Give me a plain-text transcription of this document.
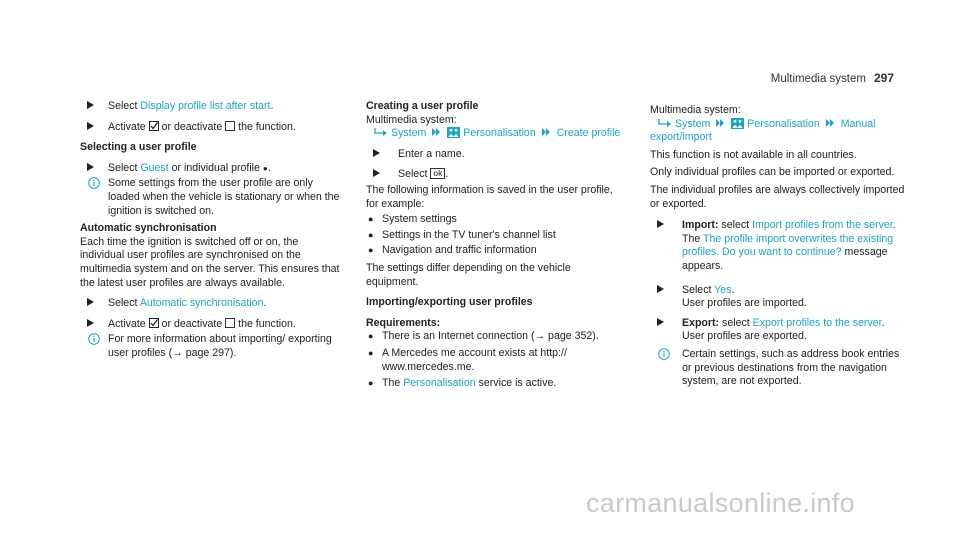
Multimedia system 297
Select Display profile list after start.
Activate  or deactivate  the function.

Selecting a user profile

Select Guest or individual profile ●.
Some settings from the user profile are only loaded when the vehicle is stationary or when the ignition is switched on.

Automatic synchronisation

Each time the ignition is switched off or on, the individual user profiles are synchronised on the multimedia system and on the server. This ensures that the latest user profiles are always available.

Select Automatic synchronisation.
Activate  or deactivate  the function.
For more information about importing/ exporting user profiles (→ page 297).

Creating a user profile

Multimedia system:

System	Personalisation Create profile

Enter a name.
Select ok .

The following information is saved in the user profile, for example:

● System settings
● Settings in the TV tuner's channel list
● Navigation and traffic information

The settings differ depending on the vehicle equipment.

Importing/exporting user profiles

Requirements:

● There is an Internet connection (→ page 352).
● A Mercedes me account exists at http:// www.mercedes.me.
● The Personalisation service is active.

Multimedia system:

System	Personalisation Manual export/import

This function is not available in all countries.

Only individual profiles can be imported or exported.

The individual profiles are always collectively imported or exported.

Import: select Import profiles from the server.
The The profile import overwrites the existing profiles. Do you want to continue? message appears.
Select Yes.
User profiles are imported.
Export: select Export profiles to the server.
User profiles are exported.
Certain settings, such as address book entries or previous destinations from the navigation system, are not exported.
carmanualsonline.info
